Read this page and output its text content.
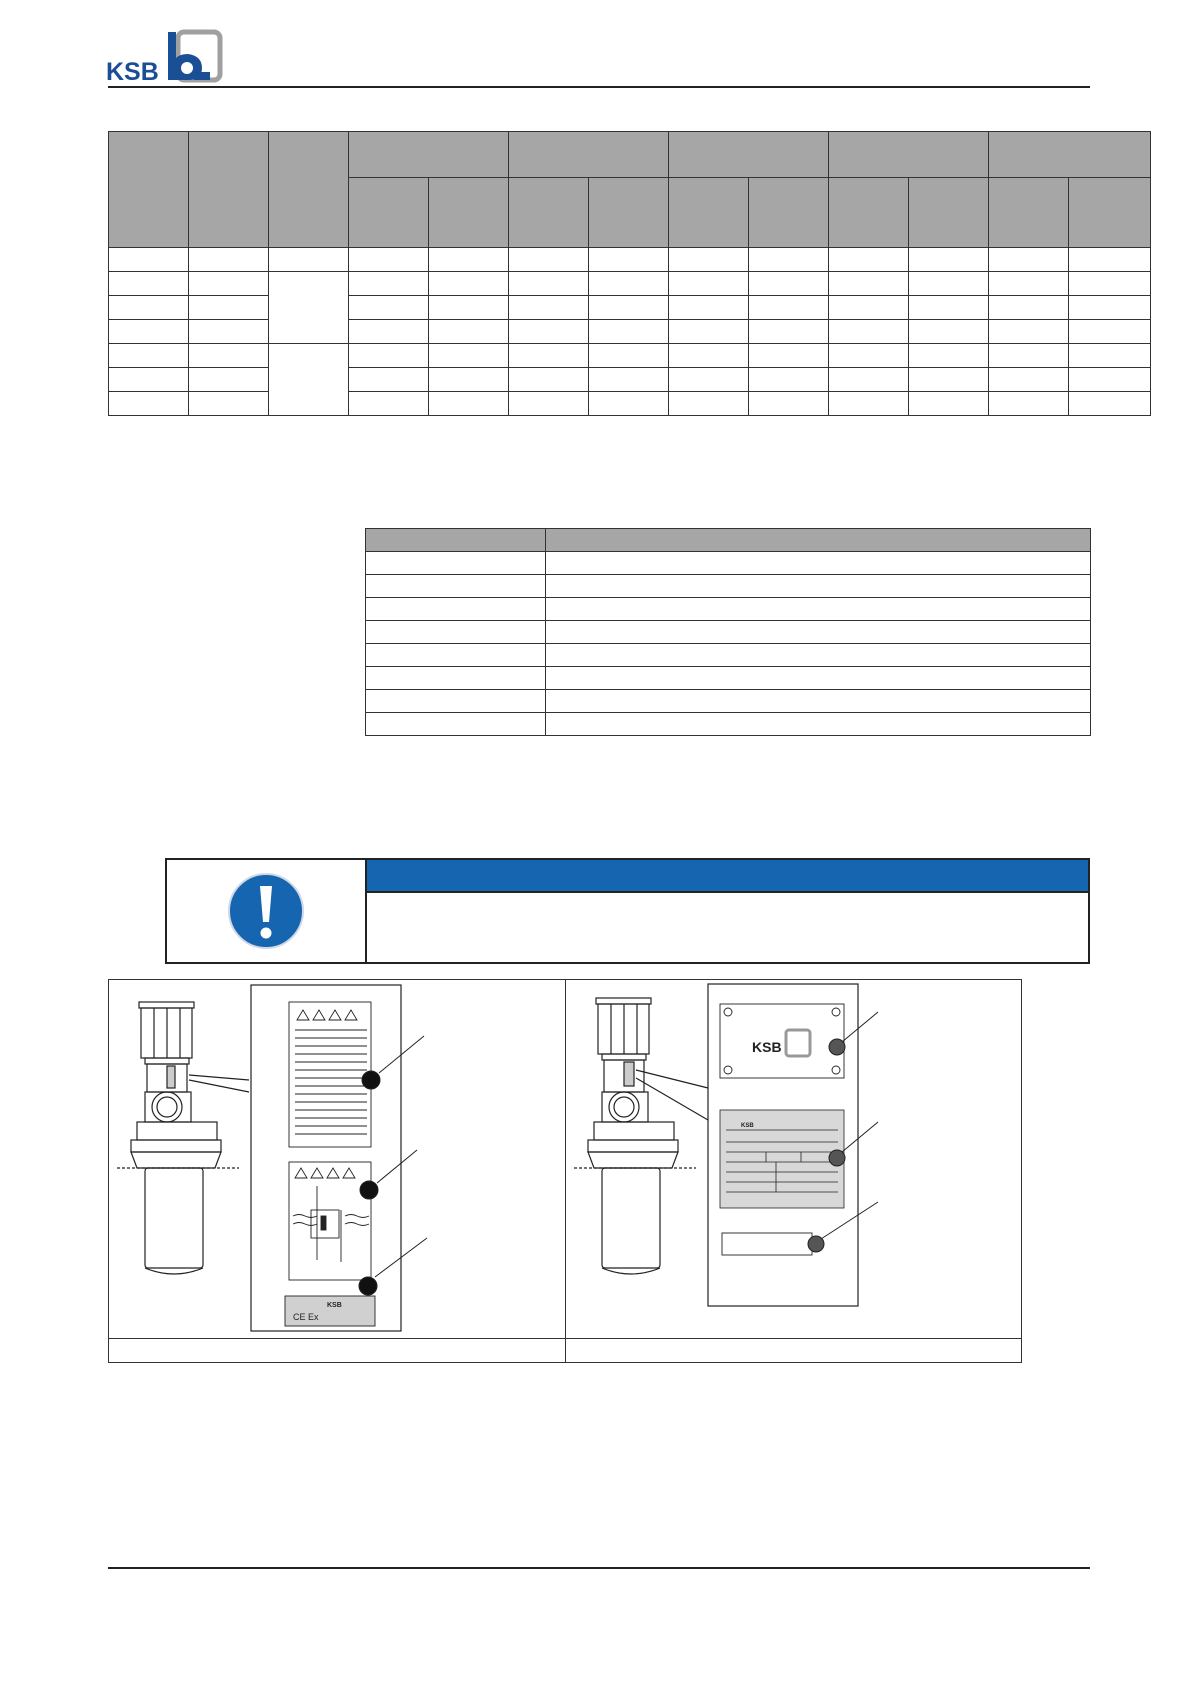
KSB

CE Ex
KSB
KSB
KSB
